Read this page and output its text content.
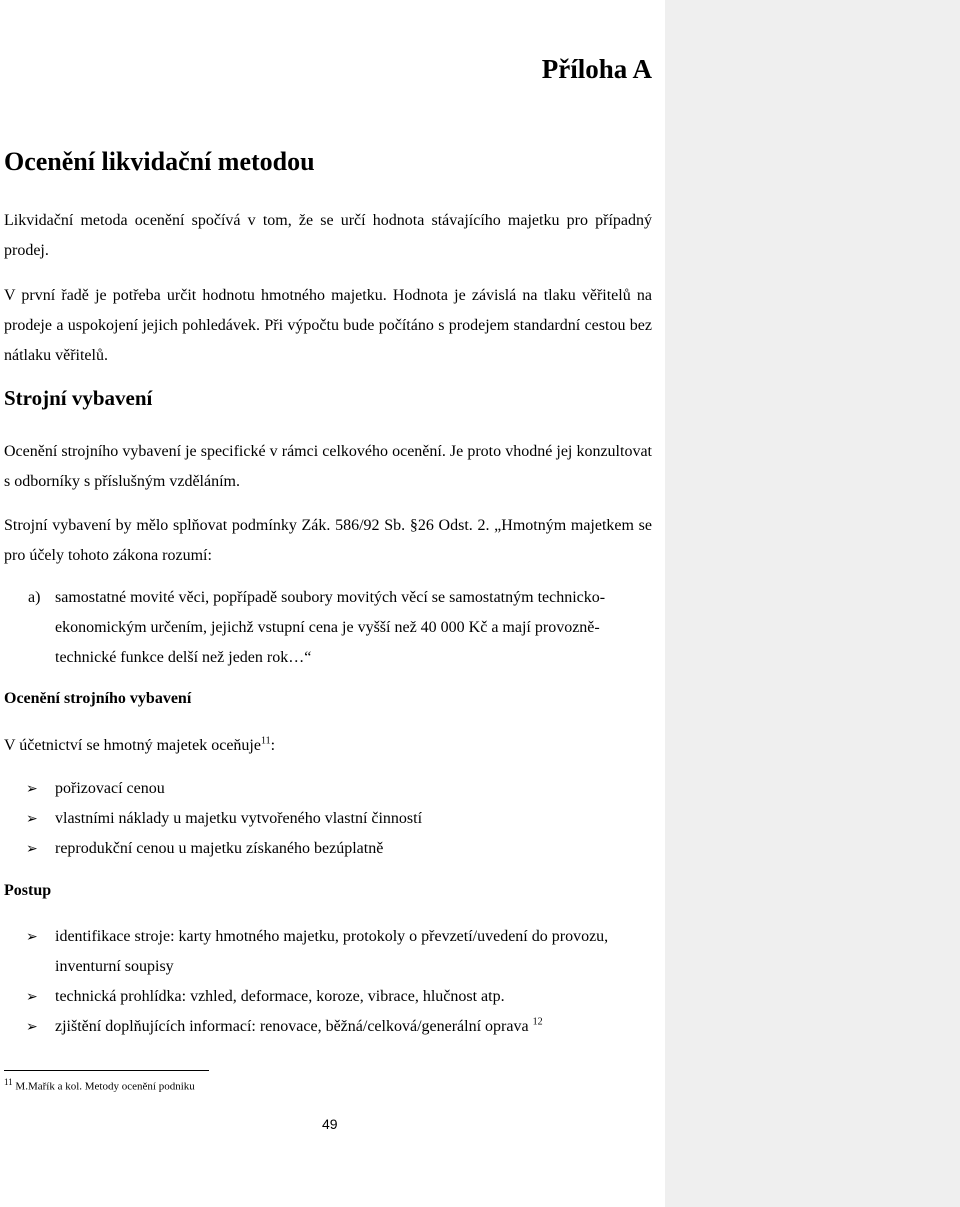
Příloha A
Ocenění likvidační metodou
Likvidační metoda ocenění spočívá v tom, že se určí hodnota stávajícího majetku pro případný prodej.
V první řadě je potřeba určit hodnotu hmotného majetku. Hodnota je závislá na tlaku věřitelů na prodeje a uspokojení jejich pohledávek. Při výpočtu bude počítáno s prodejem standardní cestou bez nátlaku věřitelů.
Strojní vybavení
Ocenění strojního vybavení je specifické v rámci celkového ocenění. Je proto vhodné jej konzultovat s odborníky s příslušným vzděláním.
Strojní vybavení by mělo splňovat podmínky Zák. 586/92 Sb. §26 Odst. 2. „Hmotným majetkem se pro účely tohoto zákona rozumí:
a) samostatné movité věci, popřípadě soubory movitých věcí se samostatným technicko-
ekonomickým určením, jejichž vstupní cena je vyšší než 40 000 Kč a mají provozně-
technické funkce delší než jeden rok…“
Ocenění strojního vybavení
V účetnictví se hmotný majetek oceňuje$^{11}$:
➢ pořizovací cenou
➢ vlastními náklady u majetku vytvořeného vlastní činností
➢ reprodukční cenou u majetku získaného bezúplatně
Postup
➢ identifikace stroje: karty hmotného majetku, protokoly o převzetí/uvedení do provozu, inventurní soupisy
➢ technická prohlídka: vzhled, deformace, koroze, vibrace, hlučnost atp.
➢ zjištění doplňujících informací: renovace, běžná/celková/generální oprava $^{12}$
$^{11}$ M.Mařík a kol. Metody ocenění podniku
49
